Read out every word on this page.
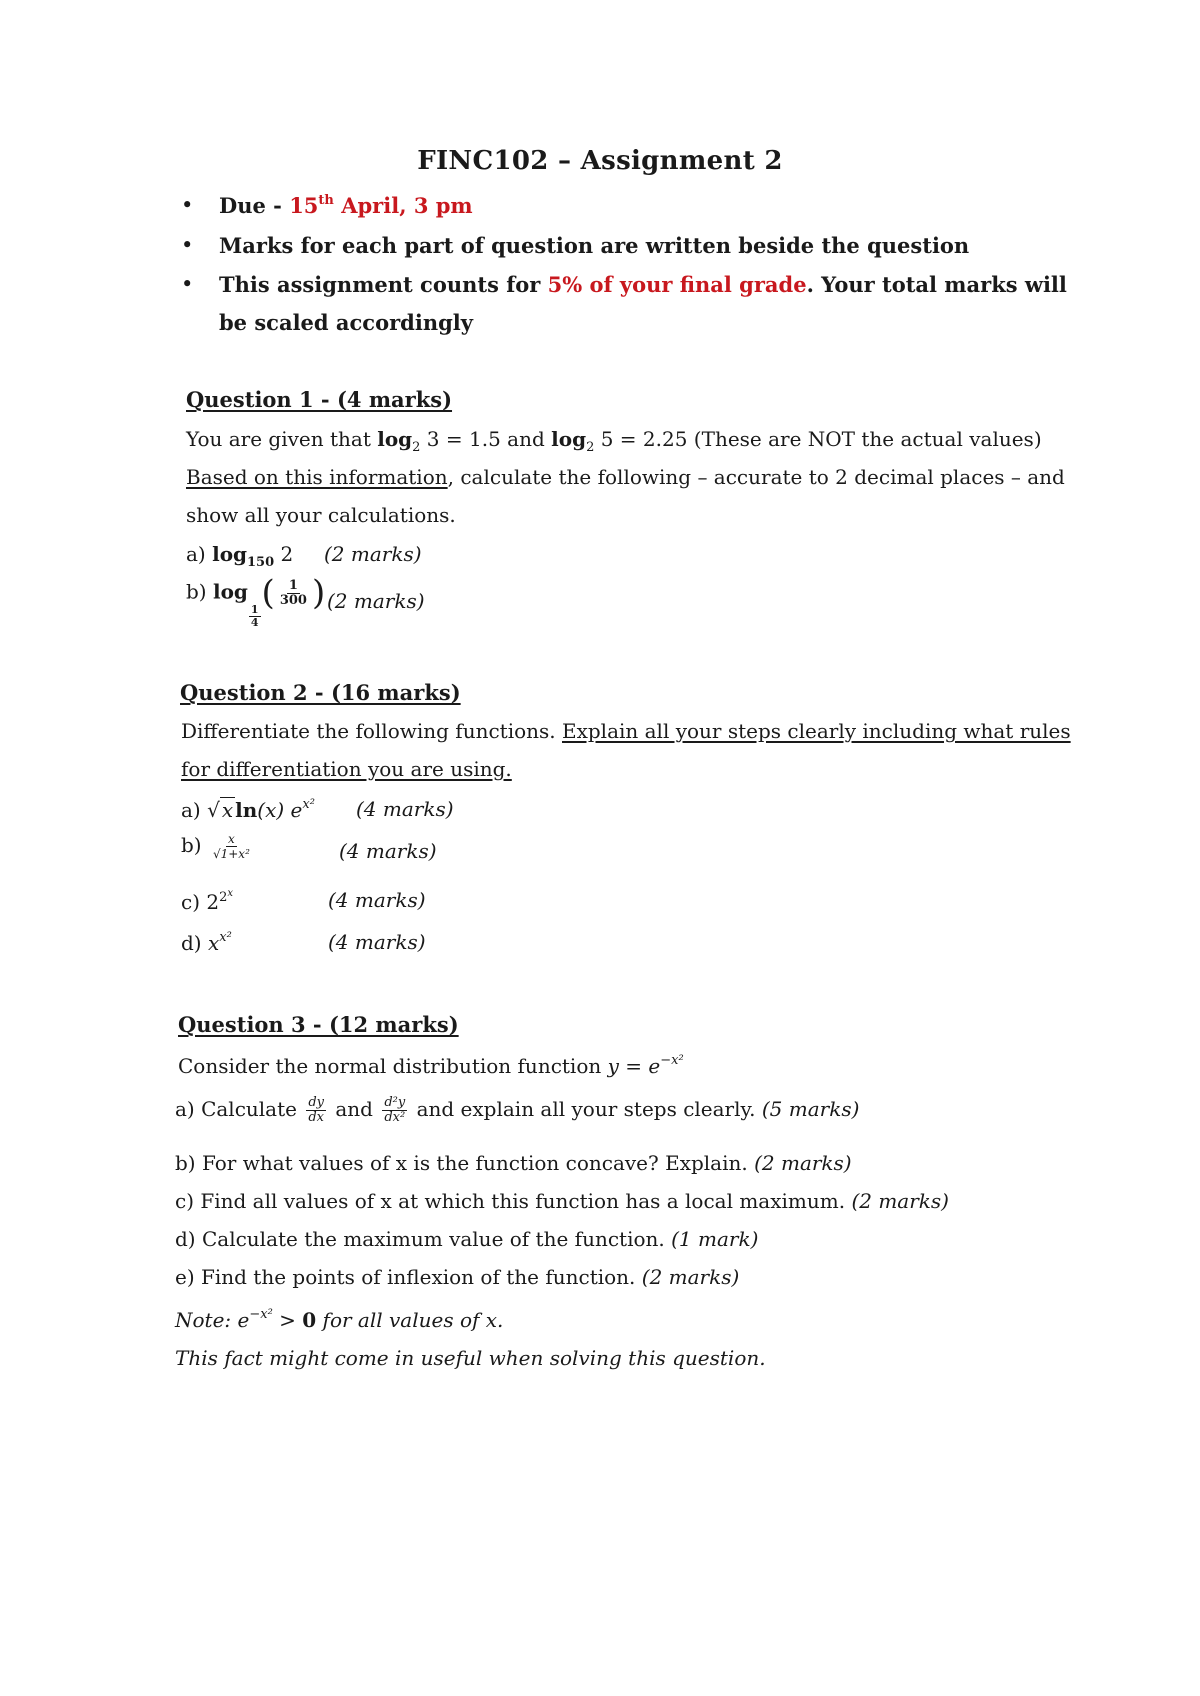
FINC102 – Assignment 2
• Due - 15th April, 3 pm
• Marks for each part of question are written beside the question
• This assignment counts for 5% of your final grade. Your total marks will
be scaled accordingly
Question 1 - (4 marks)
You are given that $\log_2 3 = 1.5$ and $\log_2 5 = 2.25$ (These are NOT the actual values)
Based on this information, calculate the following – accurate to 2 decimal places – and
show all your calculations.
a) $\log_{150} 2$ (2 marks)
b) log
$\frac{1}{4}$
( $\frac{1}{300}$ ) (2 marks)
Question 2 - (16 marks)
Differentiate the following functions. Explain all your steps clearly including what rules
for differentiation you are using.
a) √ x ln(x) $e^{x^2}$ (4 marks)
$b) \frac{x}{\text{√1+x²}}$	(4 marks)
c) $2^{2^x}$	(4 marks)
d) $x^{x^2}$	(4 marks)
Question 3 - (12 marks)
Consider the normal distribution function $y = e^{-x^2}$
a) Calculate $\frac{dy}{dx}$ and $\frac{\text{d²y}}{\text{dx²}}$ and explain all your steps clearly. (5 marks)
b) For what values of x is the function concave? Explain. (2 marks)
c) Find all values of x at which this function has a local maximum. (2 marks)
d) Calculate the maximum value of the function. (1 mark)
e) Find the points of inflexion of the function. (2 marks)
Note: $e^{-x^2} > 0$ for all values of x.
This fact might come in useful when solving this question.
